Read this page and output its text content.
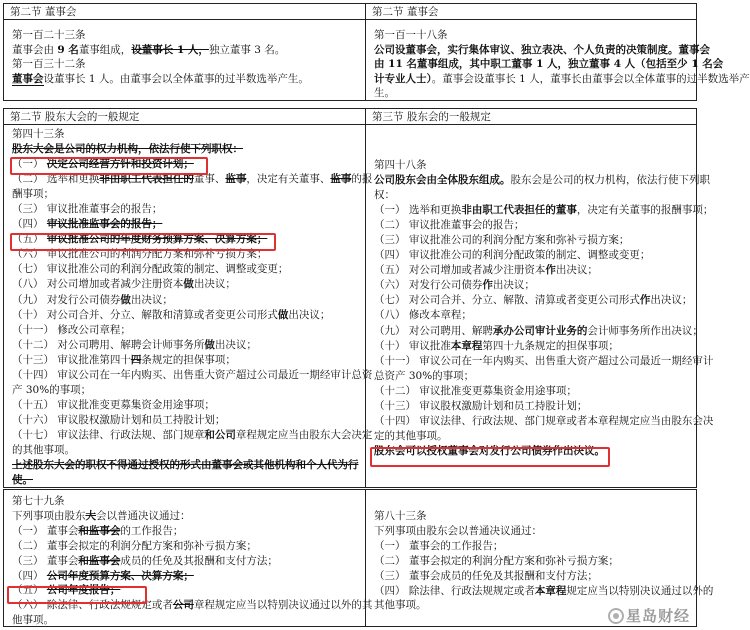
第二节 董事会
第一百二十三条
董事会由 9 名董事组成，设董事长 1 人，独立董事 3 名。
第一百三十二条
董事会设董事长 1 人。由董事会以全体董事的过半数选举产生。
第二节 董事会
第一百一十八条
公司设董事会，实行集体审议、独立表决、个人负责的决策制度。董事会
由 11 名董事组成，其中职工董事 1 人，独立董事 4 人（包括至少 1 名会
计专业人士）。董事会设董事长 1 人，董事长由董事会以全体董事的过半数选举产
生。
第二节 股东大会的一般规定
第四十三条
股东大会是公司的权力机构，依法行使下列职权：
（一） 决定公司经营方针和投资计划；
（二） 选举和更换非由职工代表担任的董事、监事，决定有关董事、监事的报
酬事项；
（三） 审议批准董事会的报告；
（四） 审议批准监事会的报告；
（五） 审议批准公司的年度财务预算方案、决算方案；
（六） 审议批准公司的利润分配方案和弥补亏损方案；
（七） 审议批准公司的利润分配政策的制定、调整或变更；
（八） 对公司增加或者减少注册资本做出决议；
（九） 对发行公司债券做出决议；
（十） 对公司合并、分立、解散和清算或者变更公司形式做出决议；
（十一） 修改公司章程；
（十二） 对公司聘用、解聘会计师事务所做出决议；
（十三） 审议批准第四十四条规定的担保事项；
（十四） 审议公司在一年内购买、出售重大资产超过公司最近一期经审计总资
产 30%的事项；
（十五） 审议批准变更募集资金用途事项；
（十六） 审议股权激励计划和员工持股计划；
（十七） 审议法律、行政法规、部门规章和公司章程规定应当由股东大会决定
的其他事项。
上述股东大会的职权不得通过授权的形式由董事会或其他机构和个人代为行
使。
第三节 股东会的一般规定
第四十八条
公司股东会由全体股东组成。股东会是公司的权力机构，依法行使下列职
权：
（一） 选举和更换非由职工代表担任的董事，决定有关董事的报酬事项；
（二） 审议批准董事会的报告；
（三） 审议批准公司的利润分配方案和弥补亏损方案；
（四） 审议批准公司的利润分配政策的制定、调整或变更；
（五） 对公司增加或者减少注册资本作出决议；
（六） 对发行公司债券作出决议；
（七） 对公司合并、分立、解散、清算或者变更公司形式作出决议；
（八） 修改本章程；
（九） 对公司聘用、解聘承办公司审计业务的会计师事务所作出决议；
（十） 审议批准本章程第四十九条规定的担保事项；
（十一） 审议公司在一年内购买、出售重大资产超过公司最近一期经审计
总资产 30%的事项；
（十二） 审议批准变更募集资金用途事项；
（十三） 审议股权激励计划和员工持股计划；
（十四） 审议法律、行政法规、部门规章或者本章程规定应当由股东会决
定的其他事项。
股东会可以授权董事会对发行公司债券作出决议。
第七十九条
下列事项由股东大会以普通决议通过：
（一） 董事会和监事会的工作报告；
（二） 董事会拟定的利润分配方案和弥补亏损方案；
（三） 董事会和监事会成员的任免及其报酬和支付方法；
（四） 公司年度预算方案、决算方案；
（五） 公司年度报告；
（六） 除法律、行政法规规定或者公司章程规定应当以特别决议通过以外的其
他事项。
第八十三条
下列事项由股东会以普通决议通过：
（一） 董事会的工作报告；
（二） 董事会拟定的利润分配方案和弥补亏损方案；
（三） 董事会成员的任免及其报酬和支付方法；
（四） 除法律、行政法规规定或者本章程规定应当以特别决议通过以外的
其他事项。
星岛财经
